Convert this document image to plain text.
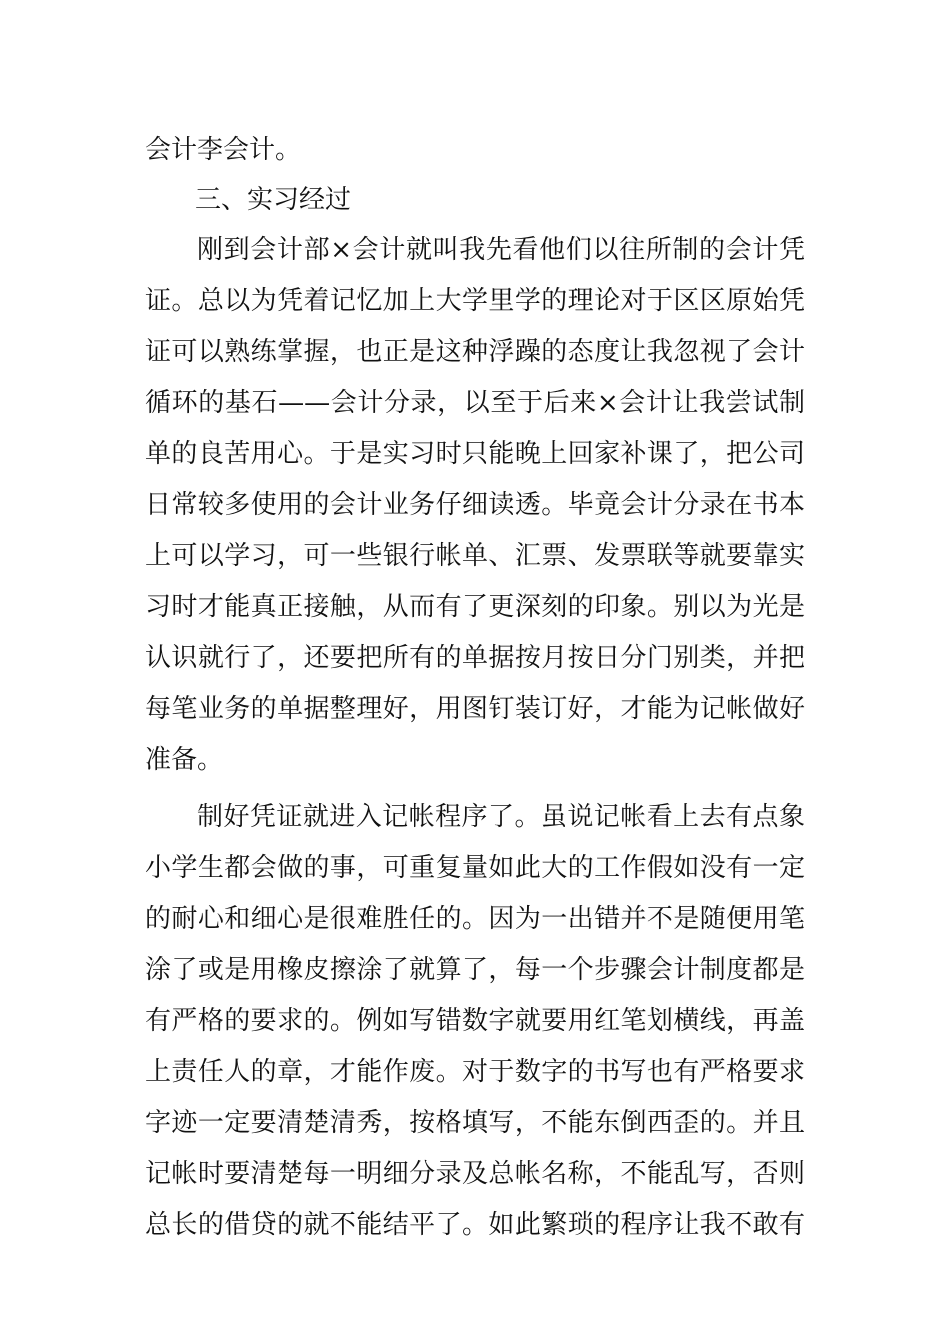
会计李会计。
三、实习经过
刚到会计部×会计就叫我先看他们以往所制的会计凭
证。总以为凭着记忆加上大学里学的理论对于区区原始凭
证可以熟练掌握，也正是这种浮躁的态度让我忽视了会计
循环的基石——会计分录，以至于后来×会计让我尝试制
单的良苦用心。于是实习时只能晚上回家补课了，把公司
日常较多使用的会计业务仔细读透。毕竟会计分录在书本
上可以学习，可一些银行帐单、汇票、发票联等就要靠实
习时才能真正接触，从而有了更深刻的印象。别以为光是
认识就行了，还要把所有的单据按月按日分门别类，并把
每笔业务的单据整理好，用图钉装订好，才能为记帐做好
准备。
制好凭证就进入记帐程序了。虽说记帐看上去有点象
小学生都会做的事，可重复量如此大的工作假如没有一定
的耐心和细心是很难胜任的。因为一出错并不是随便用笔
涂了或是用橡皮擦涂了就算了，每一个步骤会计制度都是
有严格的要求的。例如写错数字就要用红笔划横线，再盖
上责任人的章，才能作废。对于数字的书写也有严格要求
字迹一定要清楚清秀，按格填写，不能东倒西歪的。并且
记帐时要清楚每一明细分录及总帐名称，不能乱写，否则
总长的借贷的就不能结平了。如此繁琐的程序让我不敢有
